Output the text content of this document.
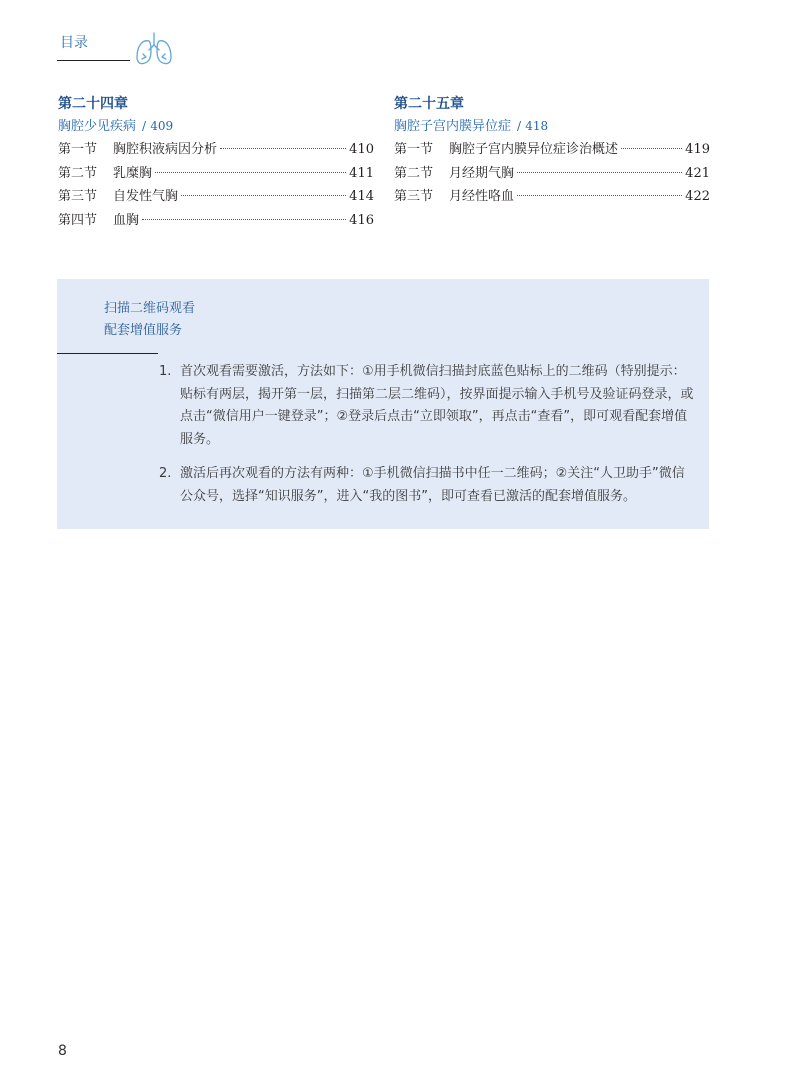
目录
第二十四章
胸腔少见疾病 / 409
第一节	胸腔积液病因分析	410
第二节	乳糜胸	411
第三节	自发性气胸	414
第四节	血胸	416
第二十五章
胸腔子宫内膜异位症 / 418
第一节	胸腔子宫内膜异位症诊治概述	419
第二节	月经期气胸	421
第三节	月经性咯血	422
扫描二维码观看
配套增值服务
1. 首次观看需要激活，方法如下：①用手机微信扫描封底蓝色贴标上的二维码（特别提示：贴标有两层，揭开第一层，扫描第二层二维码），按界面提示输入手机号及验证码登录，或点击“微信用户一键登录”；②登录后点击“立即领取”，再点击“查看”，即可观看配套增值服务。
2. 激活后再次观看的方法有两种：①手机微信扫描书中任一二维码；②关注“人卫助手”微信公众号，选择“知识服务”，进入“我的图书”，即可查看已激活的配套增值服务。
8
